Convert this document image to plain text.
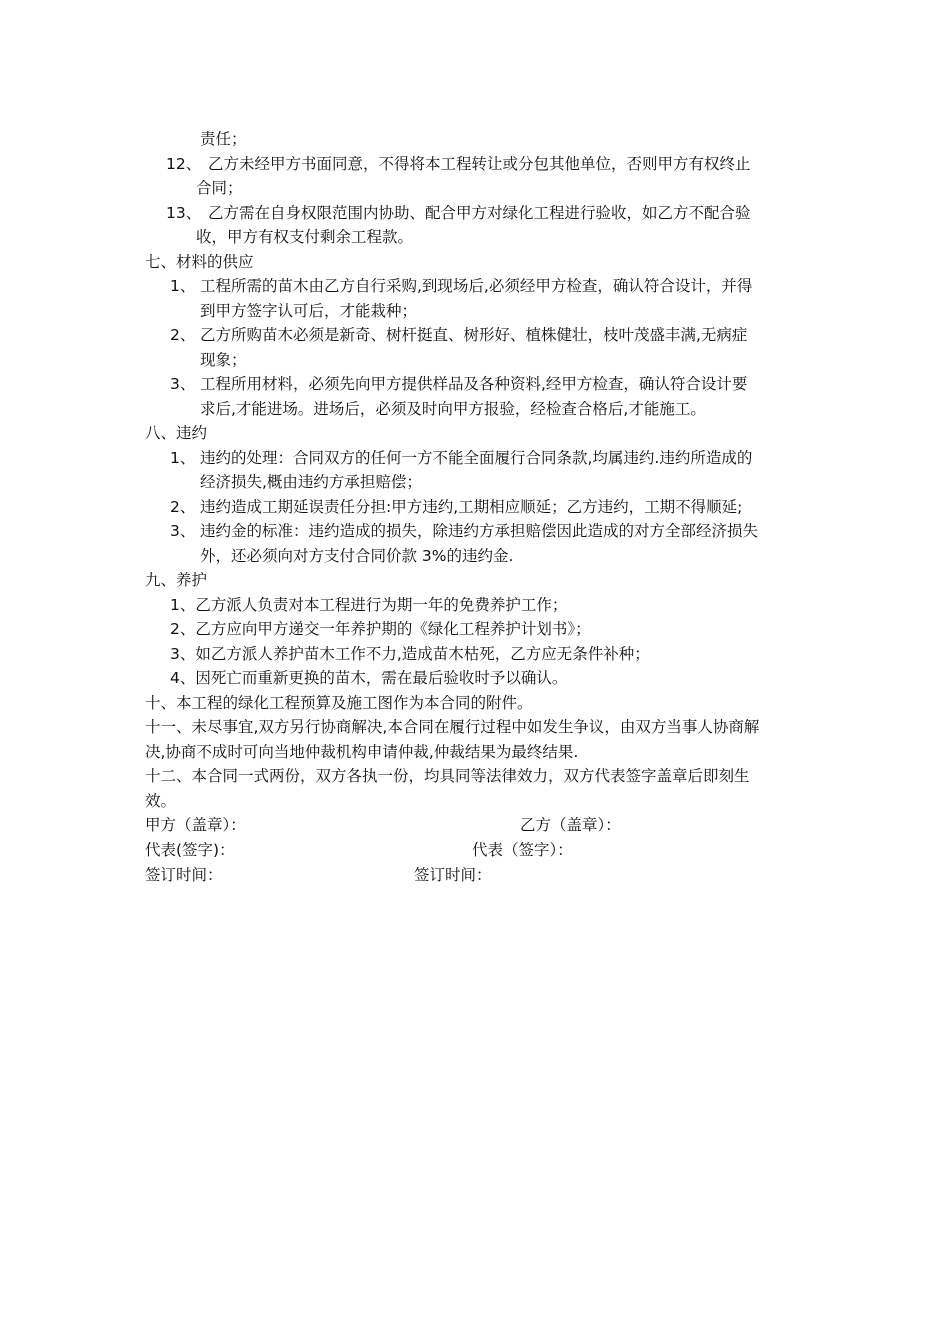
责任；
12、 乙方未经甲方书面同意，不得将本工程转让或分包其他单位，否则甲方有权终止
合同；
13、 乙方需在自身权限范围内协助、配合甲方对绿化工程进行验收，如乙方不配合验
收，甲方有权支付剩余工程款。
七、材料的供应
1、 工程所需的苗木由乙方自行采购,到现场后,必须经甲方检查，确认符合设计，并得
到甲方签字认可后，才能栽种；
2、 乙方所购苗木必须是新奇、树杆挺直、树形好、植株健壮，枝叶茂盛丰满,无病症
现象；
3、 工程所用材料，必须先向甲方提供样品及各种资料,经甲方检查，确认符合设计要
求后,才能进场。进场后，必须及时向甲方报验，经检查合格后,才能施工。
八、违约
1、 违约的处理：合同双方的任何一方不能全面履行合同条款,均属违约.违约所造成的
经济损失,概由违约方承担赔偿；
2、 违约造成工期延误责任分担:甲方违约,工期相应顺延；乙方违约，工期不得顺延;
3、 违约金的标准：违约造成的损失，除违约方承担赔偿因此造成的对方全部经济损失
外，还必须向对方支付合同价款 3%的违约金.
九、养护
1、乙方派人负责对本工程进行为期一年的免费养护工作；
2、乙方应向甲方递交一年养护期的《绿化工程养护计划书》；
3、如乙方派人养护苗木工作不力,造成苗木枯死，乙方应无条件补种；
4、因死亡而重新更换的苗木，需在最后验收时予以确认。
十、本工程的绿化工程预算及施工图作为本合同的附件。
十一、未尽事宜,双方另行协商解决,本合同在履行过程中如发生争议，由双方当事人协商解
决,协商不成时可向当地仲裁机构申请仲裁,仲裁结果为最终结果.
十二、本合同一式两份，双方各执一份，均具同等法律效力，双方代表签字盖章后即刻生
效。
甲方（盖章）：	乙方（盖章）：
代表(签字)：	代表（签字）：
签订时间：	签订时间：
